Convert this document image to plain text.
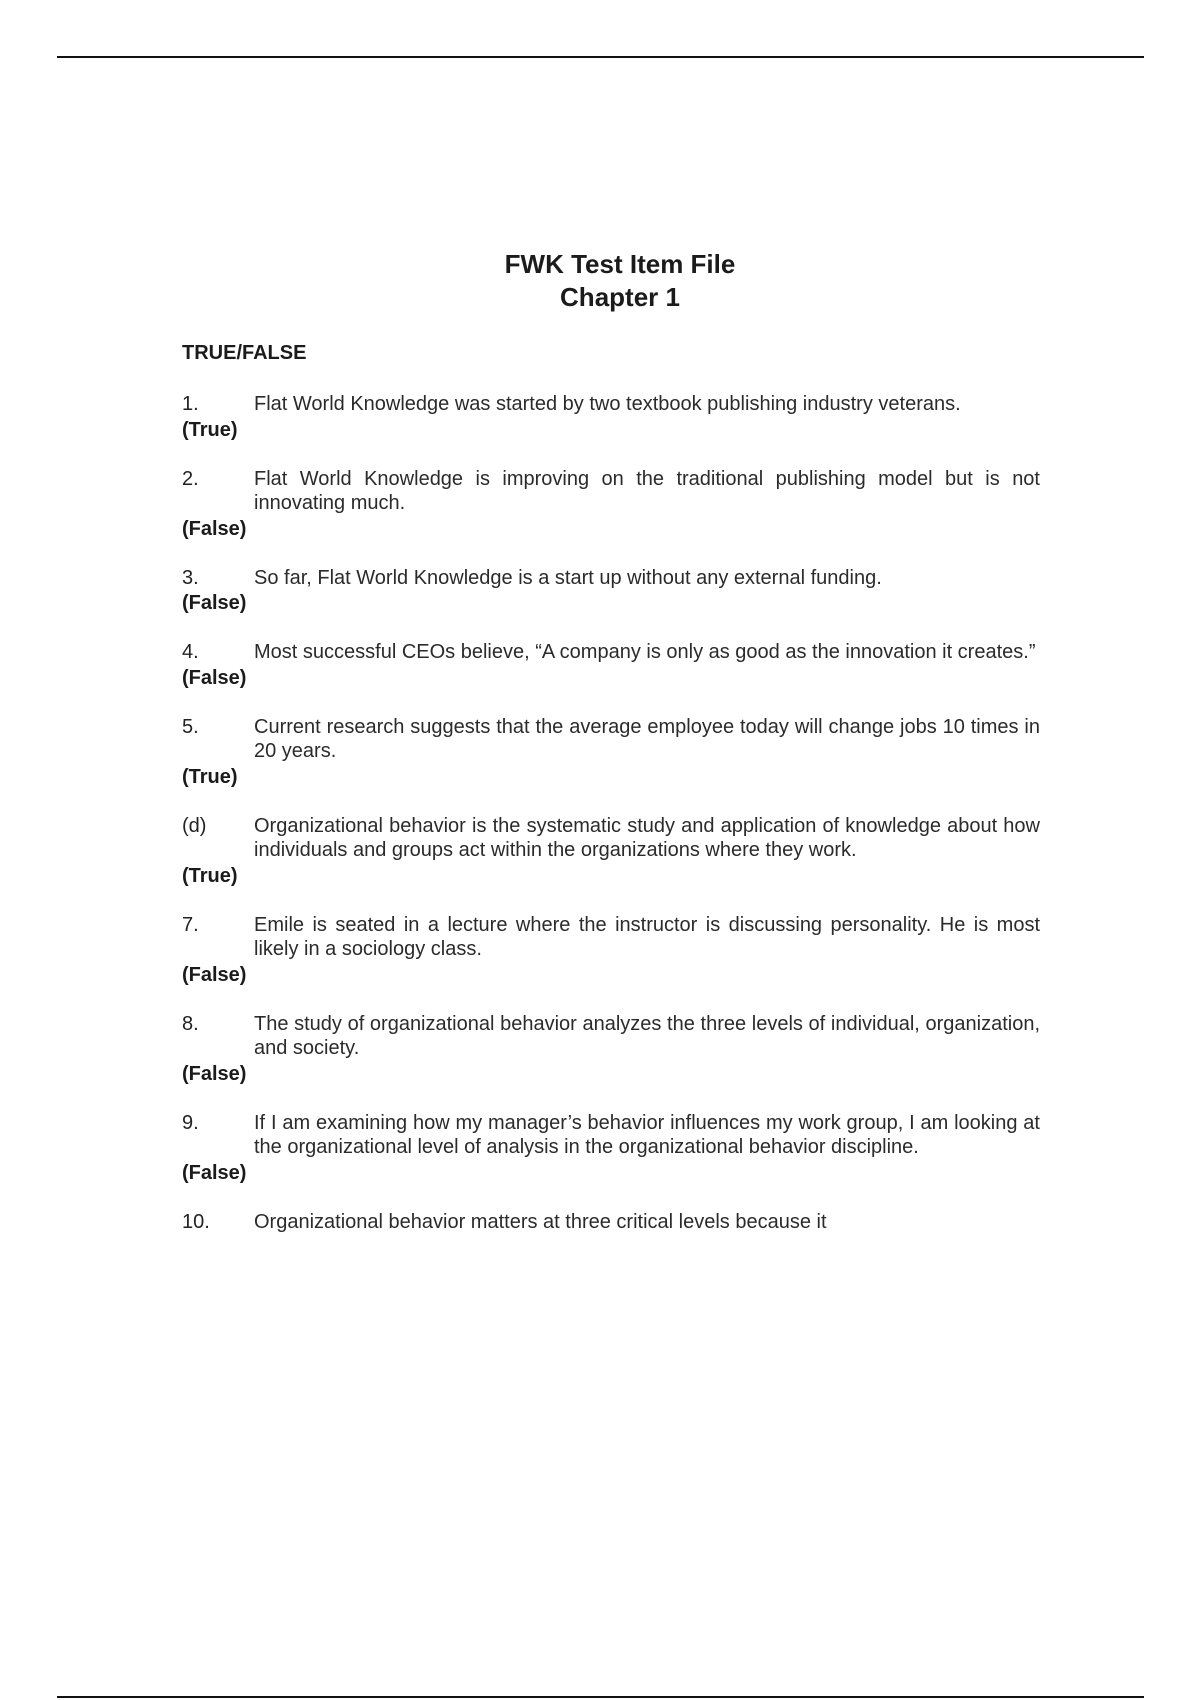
FWK Test Item File
Chapter 1
TRUE/FALSE
1.	Flat World Knowledge was started by two textbook publishing industry veterans.
(True)
2.	Flat World Knowledge is improving on the traditional publishing model but is not innovating much.
(False)
3.	So far, Flat World Knowledge is a start up without any external funding.
(False)
4.	Most successful CEOs believe, “A company is only as good as the innovation it creates.”
(False)
5.	Current research suggests that the average employee today will change jobs 10 times in 20 years.
(True)
(d)	Organizational behavior is the systematic study and application of knowledge about how individuals and groups act within the organizations where they work.
(True)
7.	Emile is seated in a lecture where the instructor is discussing personality. He is most likely in a sociology class.
(False)
8.	The study of organizational behavior analyzes the three levels of individual, organization, and society.
(False)
9.	If I am examining how my manager’s behavior influences my work group, I am looking at the organizational level of analysis in the organizational behavior discipline.
(False)
10.	Organizational behavior matters at three critical levels because it
